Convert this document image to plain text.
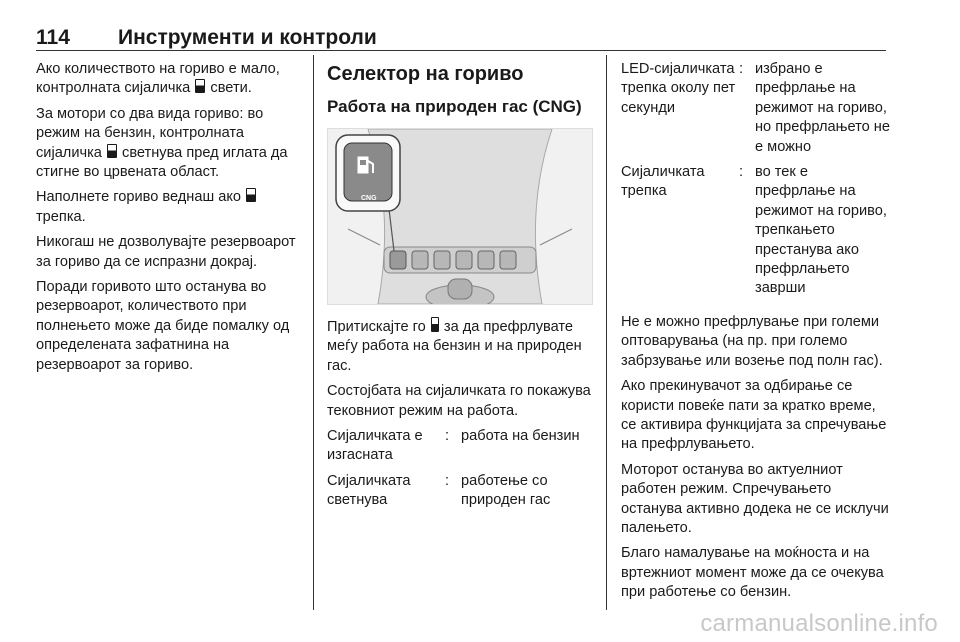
114 Инструменти и контроли

Ако количеството на гориво е мало, контролната сијаличка свети.

За мотори со два вида гориво: во режим на бензин, контролната сијаличка светнува пред иглата да стигне во црвената област.

Наполнете гориво веднаш ако  трепка.

Никогаш не дозволувајте резервоарот за гориво да се испразни докрај.

Поради горивото што останува во резервоарот, количеството при полнењето може да биде помалку од определената зафатнина на резервоарот за гориво.

Селектор на гориво
Работа на природен гас (CNG)
CNG

Притискајте го за да префрлувате меѓу работа на бензин и на природен гас.

Состојбата на сијаличката го покажува тековниот режим на работа.

Сијаличката е изгасната	:	работа на бензин
Сијаличката светнува	:	работење со природен гас
LED-сијаличката трепка околу пет секунди	:	избрано е префрлање на режимот на гориво, но префрлањето не е можно
Сијаличката трепка	:	во тек е префрлање на режимот на гориво, трепкањето престанува ако префрлањето заврши

Не е можно префрлување при големи оптоварувања (на пр. при големо забрзување или возење под полн гас).

Ако прекинувачот за одбирање се користи повеќе пати за кратко време, се активира функцијата за спречување на префрлувањето.

Моторот останува во актуелниот работен режим. Спречувањето останува активно додека не се исклучи палењето.

Благо намалување на моќноста и на вртежниот момент може да се очекува при работење со бензин.

carmanualsonline.info
